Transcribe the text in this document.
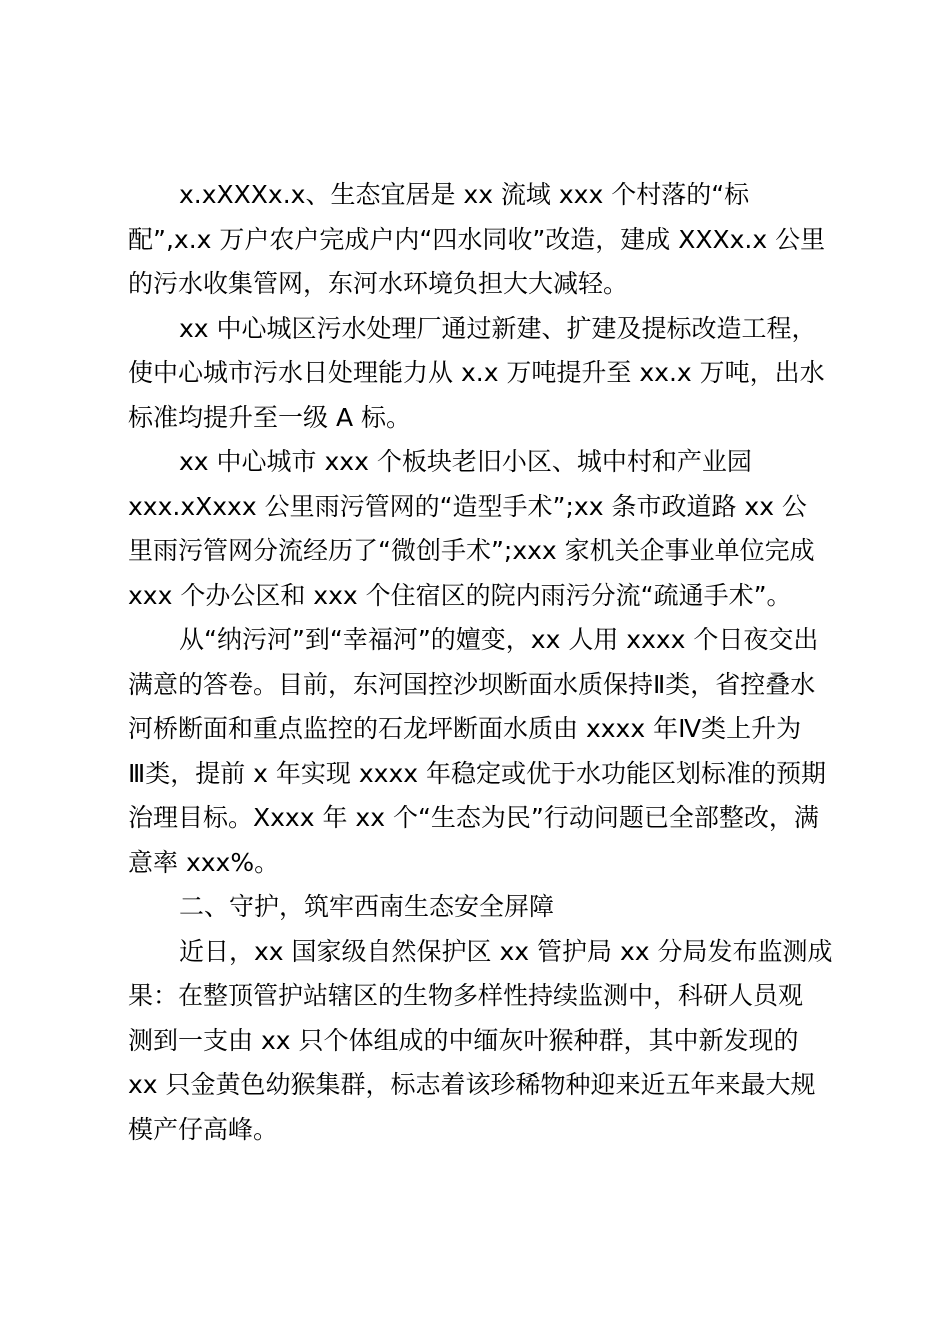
x.xXXXx.x、生态宜居是 xx 流域 xxx 个村落的“标
配”,x.x 万户农户完成户内“四水同收”改造，建成 XXXx.x 公里
的污水收集管网，东河水环境负担大大减轻。
xx 中心城区污水处理厂通过新建、扩建及提标改造工程，
使中心城市污水日处理能力从 x.x 万吨提升至 xx.x 万吨，出水
标准均提升至一级 A 标。
xx 中心城市 xxx 个板块老旧小区、城中村和产业园
xxx.xXxxx 公里雨污管网的“造型手术”;xx 条市政道路 xx 公
里雨污管网分流经历了“微创手术”;xxx 家机关企事业单位完成
xxx 个办公区和 xxx 个住宿区的院内雨污分流“疏通手术”。
从“纳污河”到“幸福河”的嬗变，xx 人用 xxxx 个日夜交出
满意的答卷。目前，东河国控沙坝断面水质保持Ⅱ类，省控叠水
河桥断面和重点监控的石龙坪断面水质由 xxxx 年Ⅳ类上升为
Ⅲ类，提前 x 年实现 xxxx 年稳定或优于水功能区划标准的预期
治理目标。Xxxx 年 xx 个“生态为民”行动问题已全部整改，满
意率 xxx%。
二、守护，筑牢西南生态安全屏障
近日，xx 国家级自然保护区 xx 管护局 xx 分局发布监测成
果：在整顶管护站辖区的生物多样性持续监测中，科研人员观
测到一支由 xx 只个体组成的中缅灰叶猴种群，其中新发现的
xx 只金黄色幼猴集群，标志着该珍稀物种迎来近五年来最大规
模产仔高峰。
